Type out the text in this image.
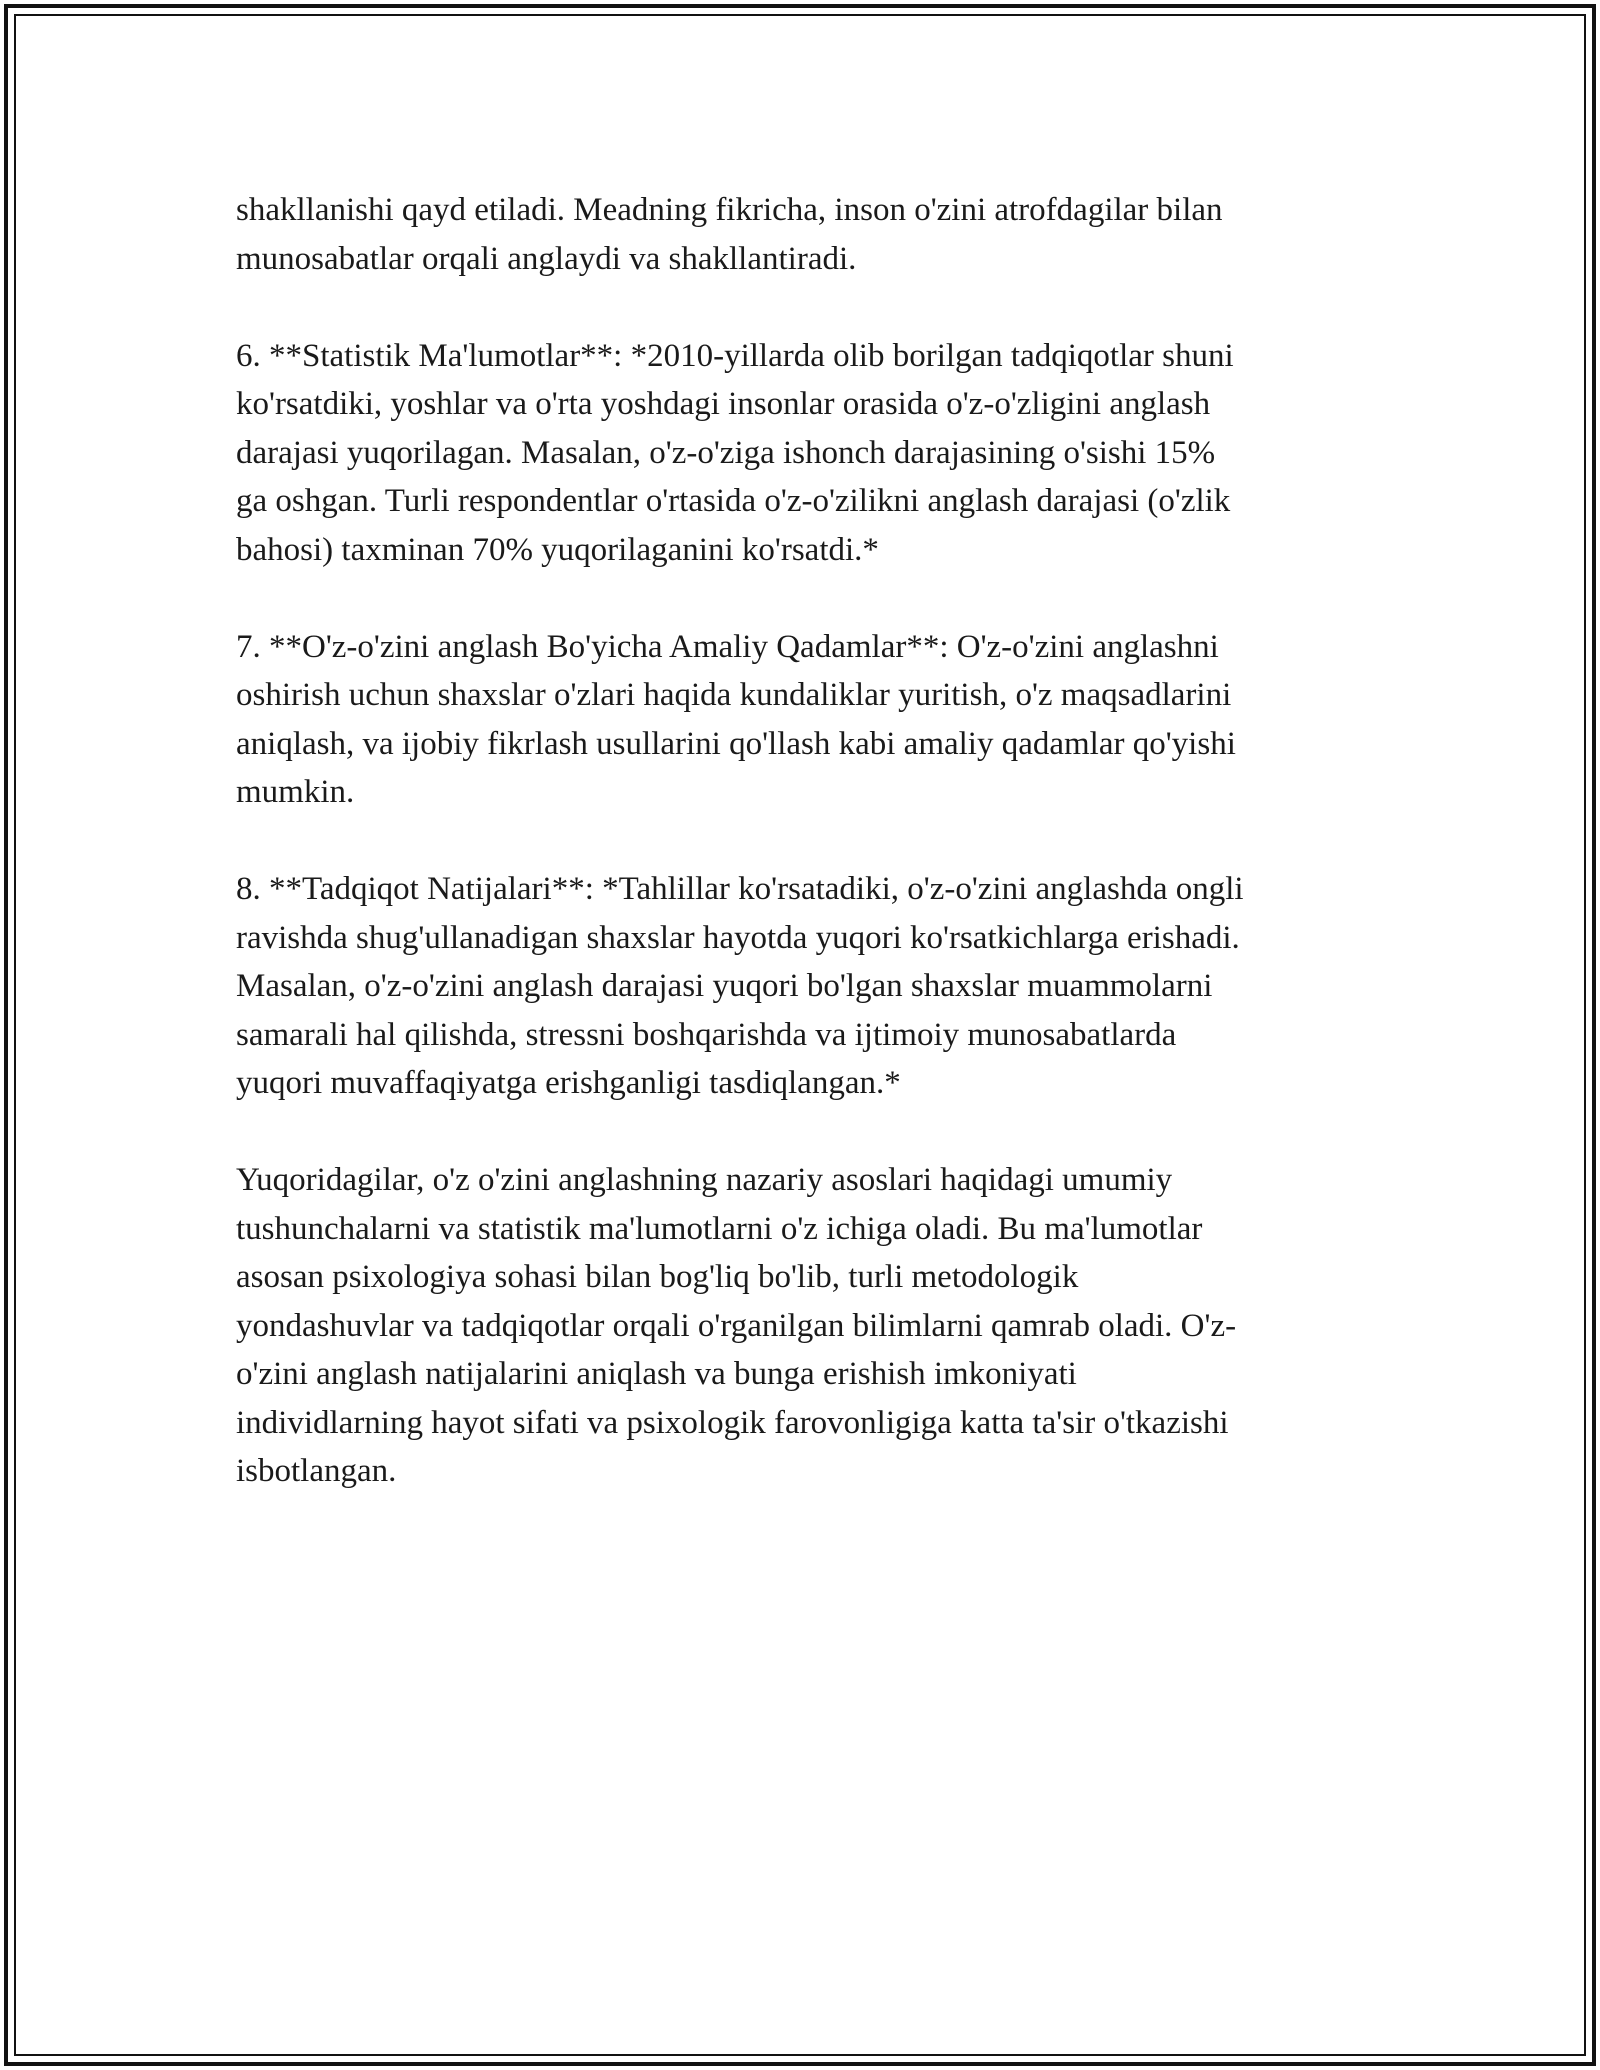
shakllanishi qayd etiladi. Meadning fikricha, inson o'zini atrofdagilar bilan
munosabatlar orqali anglaydi va shakllantiradi.

6. **Statistik Ma'lumotlar**: *2010-yillarda olib borilgan tadqiqotlar shuni
ko'rsatdiki, yoshlar va o'rta yoshdagi insonlar orasida o'z-o'zligini anglash
darajasi yuqorilagan. Masalan, o'z-o'ziga ishonch darajasining o'sishi 15%
ga oshgan. Turli respondentlar o'rtasida o'z-o'zilikni anglash darajasi (o'zlik
bahosi) taxminan 70% yuqorilaganini ko'rsatdi.*

7. **O'z-o'zini anglash Bo'yicha Amaliy Qadamlar**: O'z-o'zini anglashni
oshirish uchun shaxslar o'zlari haqida kundaliklar yuritish, o'z maqsadlarini
aniqlash, va ijobiy fikrlash usullarini qo'llash kabi amaliy qadamlar qo'yishi
mumkin.

8. **Tadqiqot Natijalari**: *Tahlillar ko'rsatadiki, o'z-o'zini anglashda ongli
ravishda shug'ullanadigan shaxslar hayotda yuqori ko'rsatkichlarga erishadi.
Masalan, o'z-o'zini anglash darajasi yuqori bo'lgan shaxslar muammolarni
samarali hal qilishda, stressni boshqarishda va ijtimoiy munosabatlarda
yuqori muvaffaqiyatga erishganligi tasdiqlangan.*

Yuqoridagilar, o'z o'zini anglashning nazariy asoslari haqidagi umumiy
tushunchalarni va statistik ma'lumotlarni o'z ichiga oladi. Bu ma'lumotlar
asosan psixologiya sohasi bilan bog'liq bo'lib, turli metodologik
yondashuvlar va tadqiqotlar orqali o'rganilgan bilimlarni qamrab oladi. O'z-
o'zini anglash natijalarini aniqlash va bunga erishish imkoniyati
individlarning hayot sifati va psixologik farovonligiga katta ta'sir o'tkazishi
isbotlangan.
